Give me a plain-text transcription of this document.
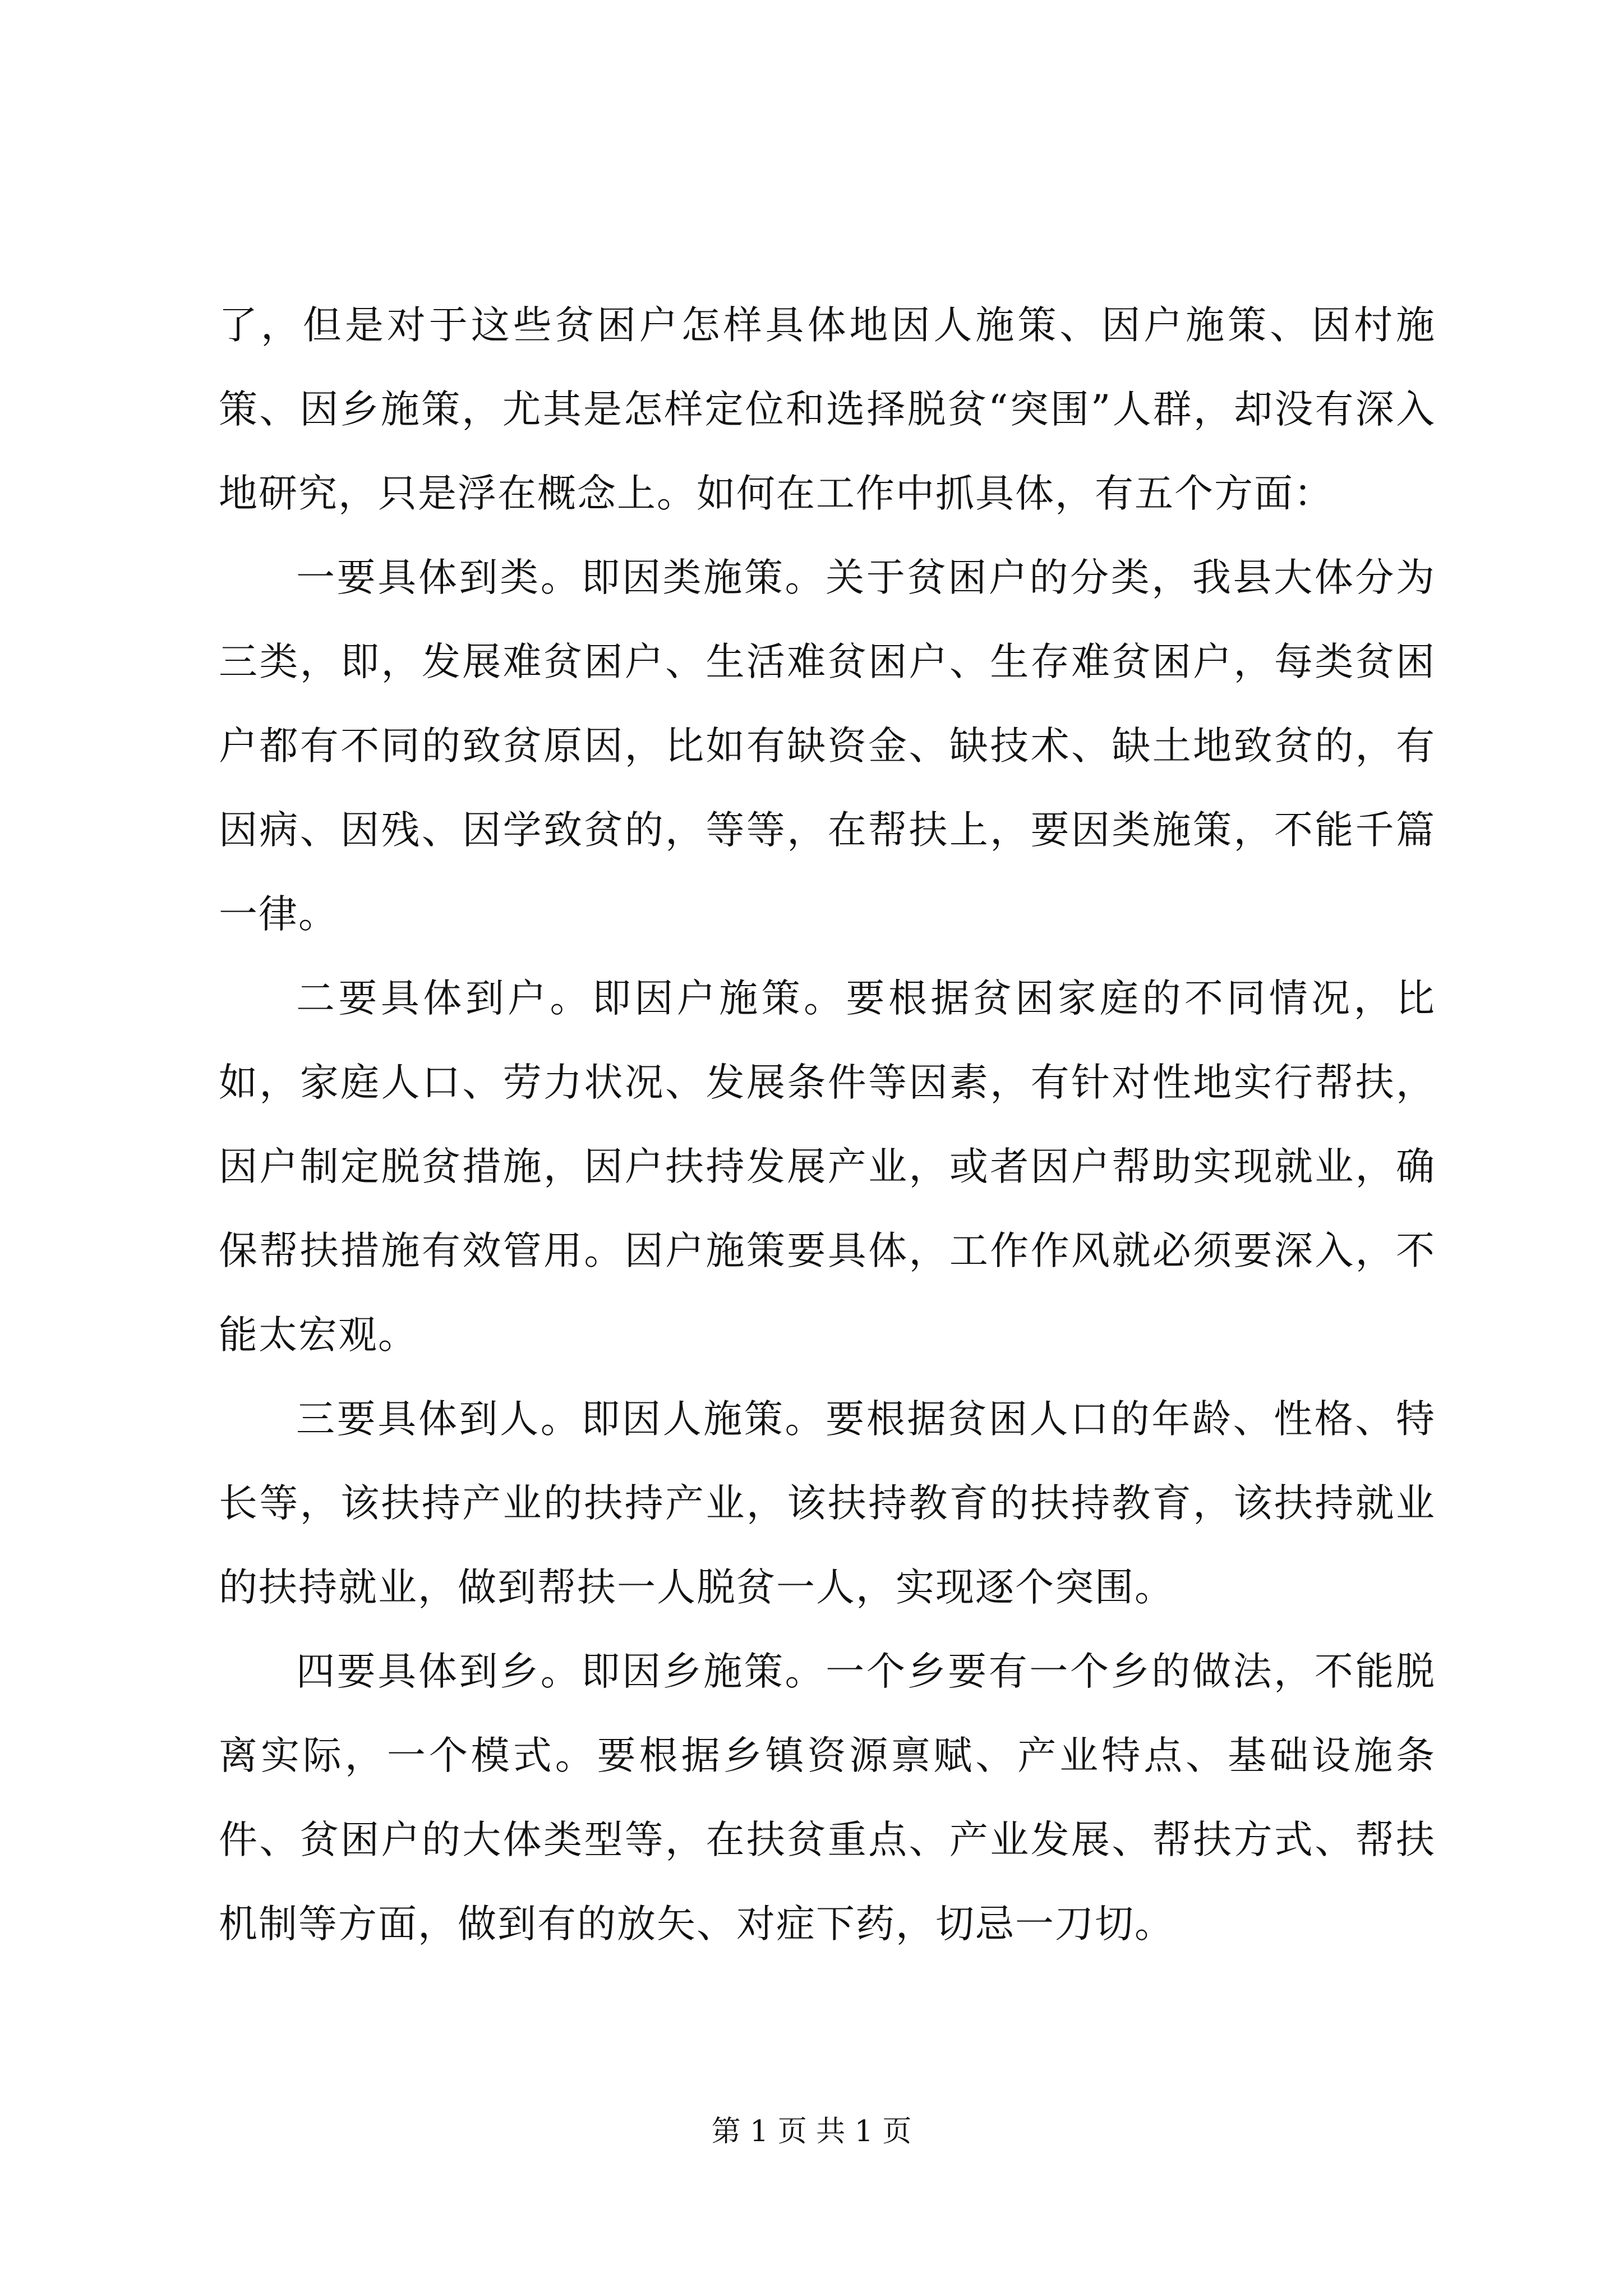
了，但是对于这些贫困户怎样具体地因人施策、因户施策、因村施策、因乡施策，尤其是怎样定位和选择脱贫“突围”人群，却没有深入地研究，只是浮在概念上。如何在工作中抓具体，有五个方面：

一要具体到类。即因类施策。关于贫困户的分类，我县大体分为三类，即，发展难贫困户、生活难贫困户、生存难贫困户，每类贫困户都有不同的致贫原因，比如有缺资金、缺技术、缺土地致贫的，有因病、因残、因学致贫的，等等，在帮扶上，要因类施策，不能千篇一律。

二要具体到户。即因户施策。要根据贫困家庭的不同情况，比如，家庭人口、劳力状况、发展条件等因素，有针对性地实行帮扶，因户制定脱贫措施，因户扶持发展产业，或者因户帮助实现就业，确保帮扶措施有效管用。因户施策要具体，工作作风就必须要深入，不能太宏观。

三要具体到人。即因人施策。要根据贫困人口的年龄、性格、特长等，该扶持产业的扶持产业，该扶持教育的扶持教育，该扶持就业的扶持就业，做到帮扶一人脱贫一人，实现逐个突围。

四要具体到乡。即因乡施策。一个乡要有一个乡的做法，不能脱离实际，一个模式。要根据乡镇资源禀赋、产业特点、基础设施条件、贫困户的大体类型等，在扶贫重点、产业发展、帮扶方式、帮扶机制等方面，做到有的放矢、对症下药，切忌一刀切。

第 1 页 共 1 页
